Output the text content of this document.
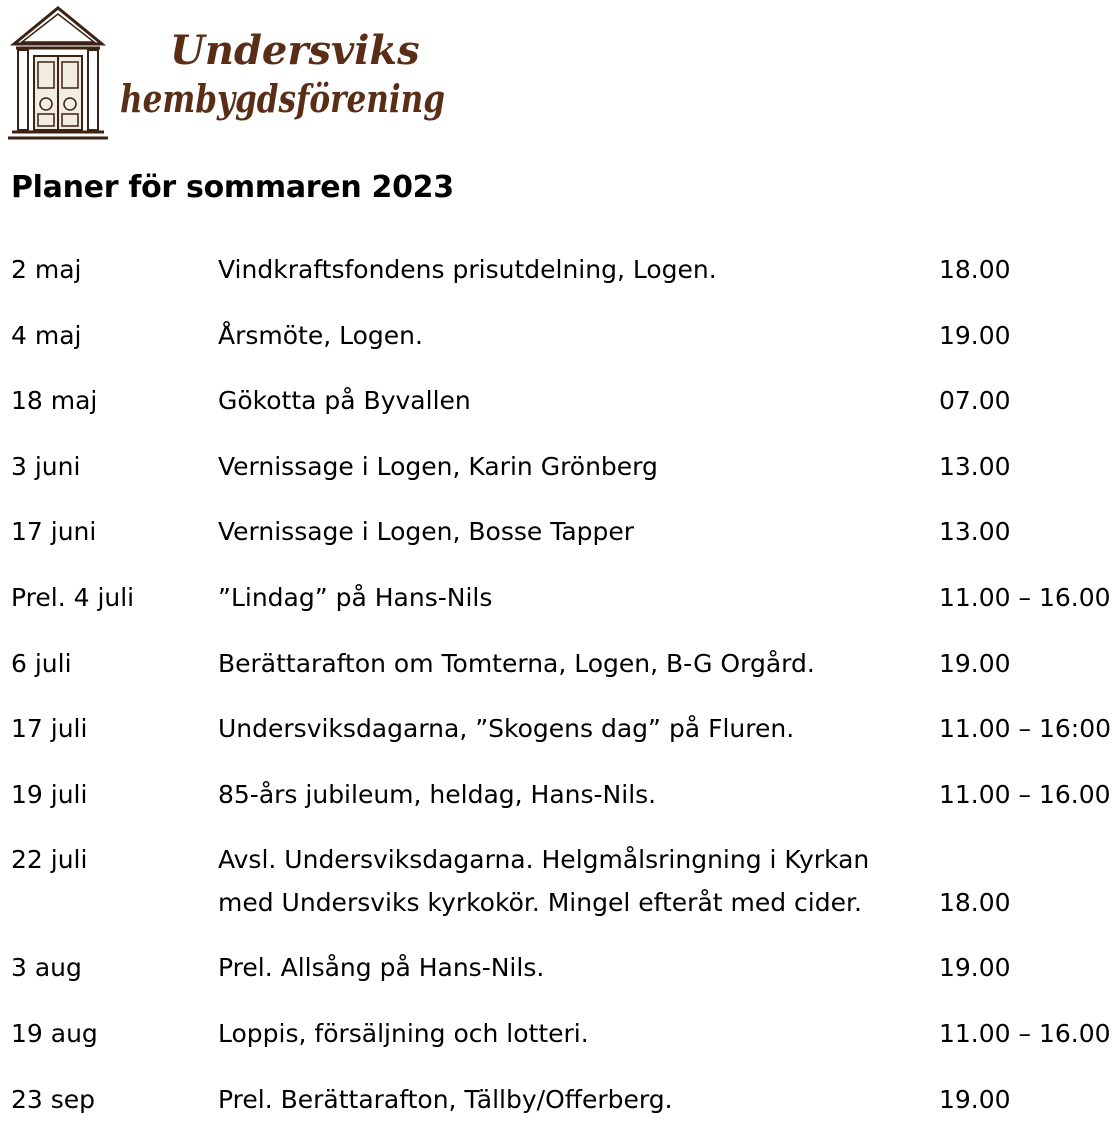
Undersviks
hembygdsförening
Planer för sommaren 2023
2 maj	Vindkraftsfondens prisutdelning, Logen.	18.00
4 maj	Årsmöte, Logen.	19.00
18 maj	Gökotta på Byvallen	07.00
3 juni	Vernissage i Logen, Karin Grönberg	13.00
17 juni	Vernissage i Logen, Bosse Tapper	13.00
Prel. 4 juli	”Lindag” på Hans-Nils	11.00 – 16.00
6 juli	Berättarafton om Tomterna, Logen, B-G Orgård.	19.00
17 juli	Undersviksdagarna, ”Skogens dag” på Fluren.	11.00 – 16:00
19 juli	85-års jubileum, heldag, Hans-Nils.	11.00 – 16.00
22 juli	Avsl. Undersviksdagarna. Helgmålsringning i Kyrkan
med Undersviks kyrkokör. Mingel efteråt med cider.	18.00
3 aug	Prel. Allsång på Hans-Nils.	19.00
19 aug	Loppis, försäljning och lotteri.	11.00 – 16.00
23 sep	Prel. Berättarafton, Tällby/Offerberg.	19.00
